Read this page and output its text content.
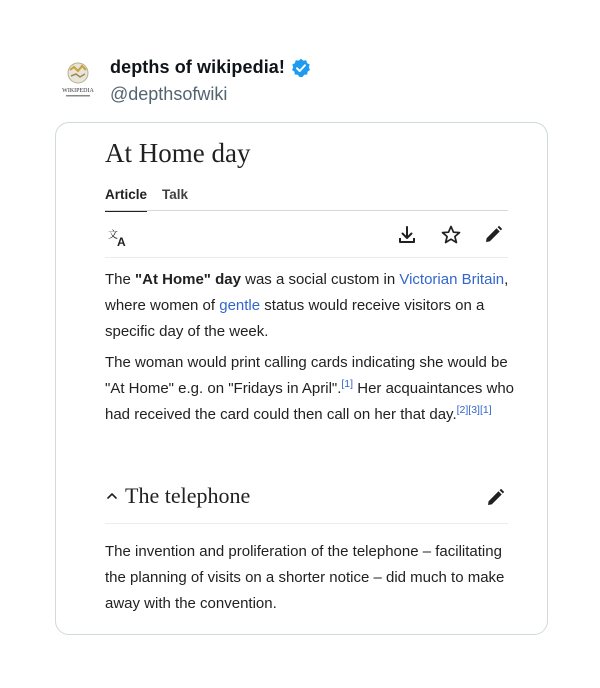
WIKIPEDIA
depths of wikipedia!
@depthsofwiki
At Home day
Article Talk
文 A
The "At Home" day was a social custom in Victorian Britain, where women of gentle status would receive visitors on a specific day of the week.
The woman would print calling cards indicating she would be "At Home" e.g. on "Fridays in April".[1] Her acquaintances who had received the card could then call on her that day.[2][3][1]
The telephone
The invention and proliferation of the telephone – facilitating the planning of visits on a shorter notice – did much to make away with the convention.
